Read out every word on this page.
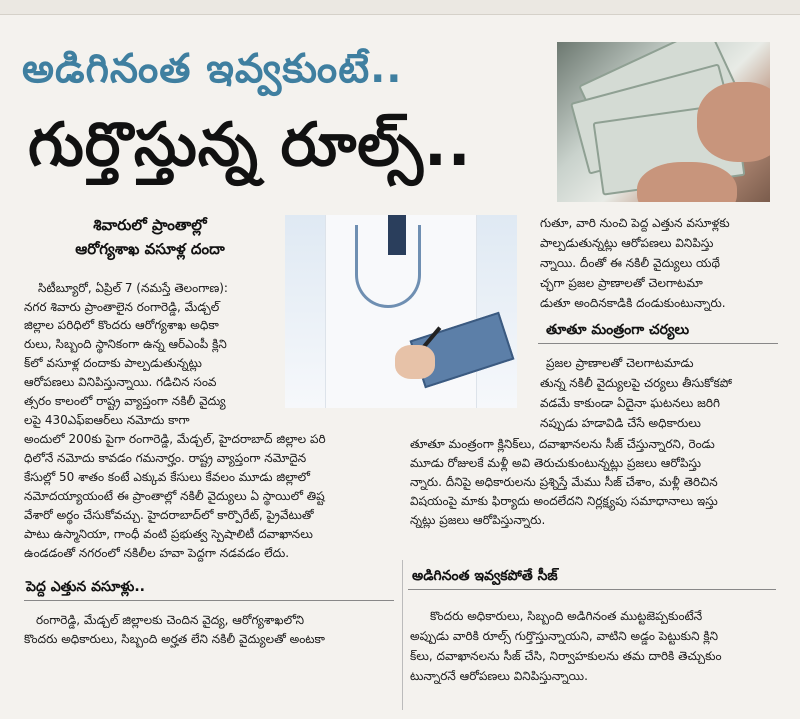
అడిగినంత ఇవ్వకుంటే..
గుర్తొస్తున్న రూల్స్..
శివారులో ప్రాంతాల్లో
ఆరోగ్యశాఖ వసూళ్ల దందా
సిటీబ్యూరో, ఏప్రిల్ 7 (నమస్తే తెలంగాణ):
నగర శివారు ప్రాంతాలైన రంగారెడ్డి, మేడ్చల్
జిల్లాల పరిధిలో కొందరు ఆరోగ్యశాఖ అధికా
రులు, సిబ్బంది స్థానికంగా ఉన్న ఆర్ఎంపీ క్లిని
క్‌లో వసూళ్ల దందాకు పాల్పడుతున్నట్లు
ఆరోపణలు వినిపిస్తున్నాయి. గడిచిన సంవ
త్సరం కాలంలో రాష్ట్ర వ్యాప్తంగా నకిలీ వైద్యు
లపై 430ఎఫ్ఐఆర్‌లు నమోదు కాగా
అందులో 200కు పైగా రంగారెడ్డి, మేడ్చల్, హైదరాబాద్ జిల్లాల పరి
ధిలోనే నమోదు కావడం గమనార్హం. రాష్ట్ర వ్యాప్తంగా నమోదైన
కేసుల్లో 50 శాతం కంటే ఎక్కువ కేసులు కేవలం మూడు జిల్లాలో
నమోదయ్యాయంటే ఈ ప్రాంతాల్లో నకిలీ వైద్యులు ఏ స్థాయిలో తిష్ట
వేశారో అర్థం చేసుకోవచ్చు. హైదరాబాద్‌లో కార్పొరేట్, ప్రైవేటుతో
పాటు ఉస్మానియా, గాంధీ వంటి ప్రభుత్వ స్పెషాలిటీ దవాఖానలు
ఉండడంతో నగరంలో నకిలీల హవా పెద్దగా నడవడం లేదు.
పెద్ద ఎత్తున వసూళ్లు..
రంగారెడ్డి, మేడ్చల్ జిల్లాలకు చెందిన వైద్య, ఆరోగ్యశాఖలోని
కొందరు అధికారులు, సిబ్బంది అర్హత లేని నకిలీ వైద్యులతో అంటకా
గుతూ, వారి నుంచి పెద్ద ఎత్తున వసూళ్లకు
పాల్పడుతున్నట్లు ఆరోపణలు వినిపిస్తు
న్నాయి. దీంతో ఈ నకిలీ వైద్యులు యథే
చ్ఛగా ప్రజల ప్రాణాలతో చెలగాటమా
డుతూ అందినకాడికి దండుకుంటున్నారు.
తూతూ మంత్రంగా చర్యలు
ప్రజల ప్రాణాలతో చెలగాటమాడు
తున్న నకిలీ వైద్యులపై చర్యలు తీసుకోకపో
వడమే కాకుండా ఏదైనా ఘటనలు జరిగి
నప్పుడు హడావిడి చేసే అధికారులు
తూతూ మంత్రంగా క్లినిక్‌లు, దవాఖానలను సీజ్ చేస్తున్నారని, రెండు
మూడు రోజులకే మళ్లీ అవి తెరుచుకుంటున్నట్లు ప్రజలు ఆరోపిస్తు
న్నారు. దీనిపై అధికారులను ప్రశ్నిస్తే మేము సీజ్ చేశాం, మళ్లీ తెరిచిన
విషయంపై మాకు ఫిర్యాదు అందలేదని నిర్లక్ష్యపు సమాధానాలు ఇస్తు
న్నట్లు ప్రజలు ఆరోపిస్తున్నారు.
అడిగినంత ఇవ్వకపోతే సీజ్
కొందరు అధికారులు, సిబ్బంది అడిగినంత ముట్టజెప్పకుంటేనే
అప్పుడు వారికి రూల్స్ గుర్తొస్తున్నాయని, వాటిని అడ్డం పెట్టుకుని క్లిని
క్‌లు, దవాఖానలను సీజ్ చేసి, నిర్వాహకులను తమ దారికి తెచ్చుకుం
టున్నారనే ఆరోపణలు వినిపిస్తున్నాయి.
